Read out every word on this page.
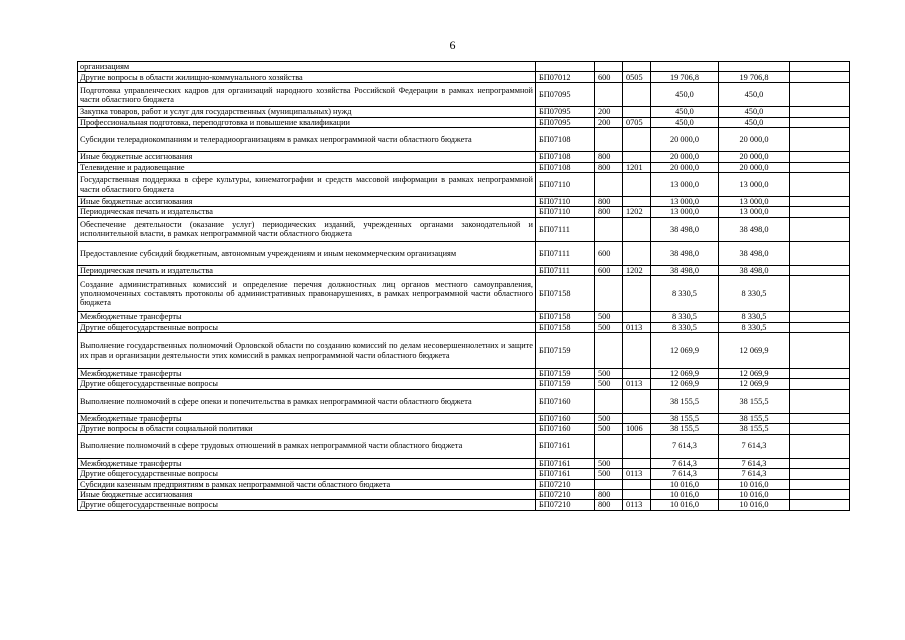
6
организациям						
Другие вопросы в области жилищно-коммунального хозяйства	БП07012	600	0505	19 706,8	19 706,8	
Подготовка управленческих кадров для организаций народного хозяйства Российской Федерации в рамках непрограммной части областного бюджета	БП07095			450,0	450,0	
Закупка товаров, работ и услуг для государственных (муниципальных) нужд	БП07095	200		450,0	450,0	
Профессиональная подготовка, переподготовка и повышение квалификации	БП07095	200	0705	450,0	450,0	
Субсидии телерадиокомпаниям и телерадиоорганизациям в рамках непрограммной части областного бюджета	БП07108			20 000,0	20 000,0	
Иные бюджетные ассигнования	БП07108	800		20 000,0	20 000,0	
Телевидение и радиовещание	БП07108	800	1201	20 000,0	20 000,0	
Государственная поддержка в сфере культуры, кинематографии и средств массовой информации в рамках непрограммной части областного бюджета	БП07110			13 000,0	13 000,0	
Иные бюджетные ассигнования	БП07110	800		13 000,0	13 000,0	
Периодическая печать и издательства	БП07110	800	1202	13 000,0	13 000,0	
Обеспечение деятельности (оказание услуг) периодических изданий, учрежденных органами законодательной и исполнительной власти, в рамках непрограммной части областного бюджета	БП07111			38 498,0	38 498,0	
Предоставление субсидий бюджетным, автономным учреждениям и иным некоммерческим организациям	БП07111	600		38 498,0	38 498,0	
Периодическая печать и издательства	БП07111	600	1202	38 498,0	38 498,0	
Создание административных комиссий и определение перечня должностных лиц органов местного самоуправления, уполномоченных составлять протоколы об административных правонарушениях, в рамках непрограммной части областного бюджета	БП07158			8 330,5	8 330,5	
Межбюджетные трансферты	БП07158	500		8 330,5	8 330,5	
Другие общегосударственные вопросы	БП07158	500	0113	8 330,5	8 330,5	
Выполнение государственных полномочий Орловской области по созданию комиссий по делам несовершеннолетних и защите их прав и организации деятельности этих комиссий в рамках непрограммной части областного бюджета	БП07159			12 069,9	12 069,9	
Межбюджетные трансферты	БП07159	500		12 069,9	12 069,9	
Другие общегосударственные вопросы	БП07159	500	0113	12 069,9	12 069,9	
Выполнение полномочий в сфере опеки и попечительства в рамках непрограммной части областного бюджета	БП07160			38 155,5	38 155,5	
Межбюджетные трансферты	БП07160	500		38 155,5	38 155,5	
Другие вопросы в области социальной политики	БП07160	500	1006	38 155,5	38 155,5	
Выполнение полномочий в сфере трудовых отношений в рамках непрограммной части областного бюджета	БП07161			7 614,3	7 614,3	
Межбюджетные трансферты	БП07161	500		7 614,3	7 614,3	
Другие общегосударственные вопросы	БП07161	500	0113	7 614,3	7 614,3	
Субсидии казенным предприятиям в рамках непрограммной части областного бюджета	БП07210			10 016,0	10 016,0	
Иные бюджетные ассигнования	БП07210	800		10 016,0	10 016,0	
Другие общегосударственные вопросы	БП07210	800	0113	10 016,0	10 016,0	
